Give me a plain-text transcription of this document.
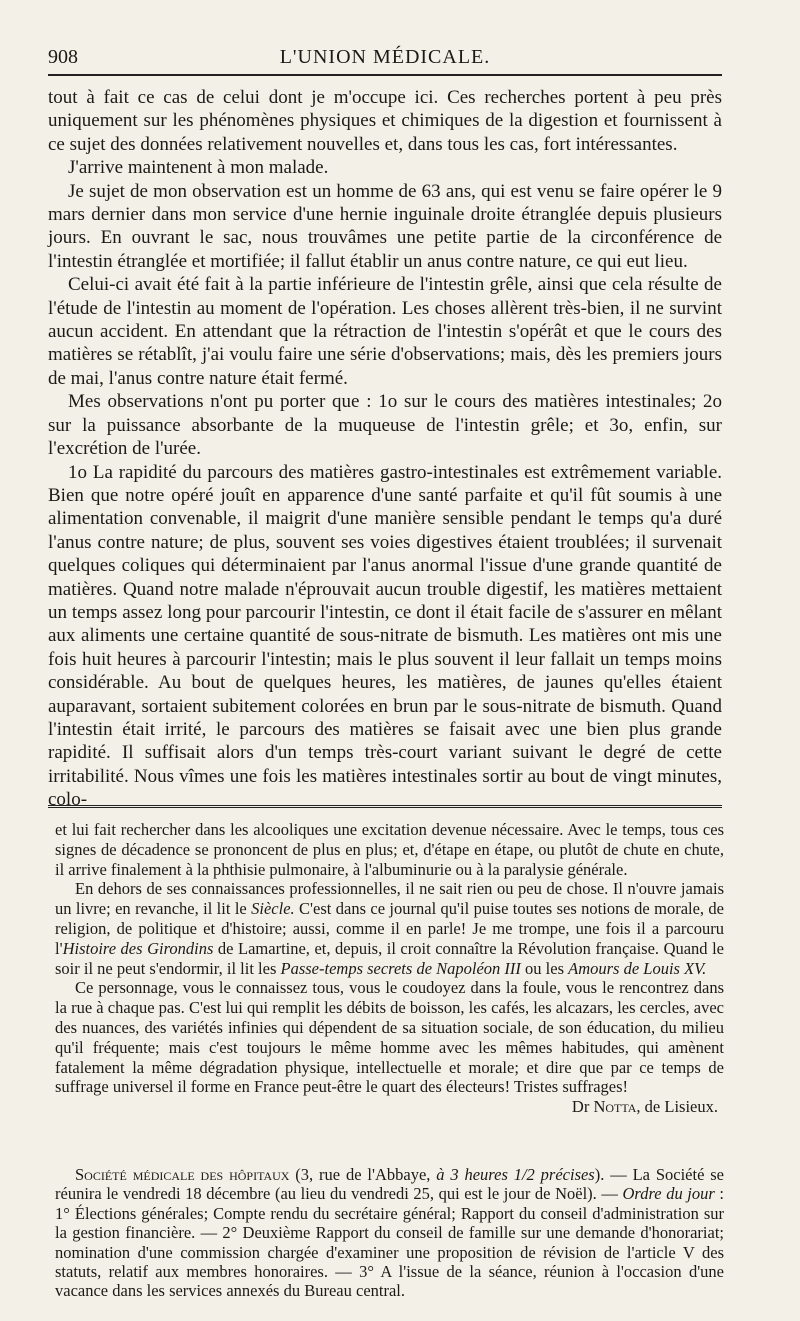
908	L'UNION MÉDICALE.

tout à fait ce cas de celui dont je m'occupe ici. Ces recherches portent à peu près uniquement sur les phénomènes physiques et chimiques de la digestion et fournissent à ce sujet des données relativement nouvelles et, dans tous les cas, fort intéressantes.

J'arrive maintenent à mon malade.

Je sujet de mon observation est un homme de 63 ans, qui est venu se faire opérer le 9 mars dernier dans mon service d'une hernie inguinale droite étranglée depuis plusieurs jours. En ouvrant le sac, nous trouvâmes une petite partie de la circonférence de l'intestin étranglée et mortifiée; il fallut établir un anus contre nature, ce qui eut lieu.

Celui-ci avait été fait à la partie inférieure de l'intestin grêle, ainsi que cela résulte de l'étude de l'intestin au moment de l'opération. Les choses allèrent très-bien, il ne survint aucun accident. En attendant que la rétraction de l'intestin s'opérât et que le cours des matières se rétablît, j'ai voulu faire une série d'observations; mais, dès les premiers jours de mai, l'anus contre nature était fermé.

Mes observations n'ont pu porter que : 1o sur le cours des matières intestinales; 2o sur la puissance absorbante de la muqueuse de l'intestin grêle; et 3o, enfin, sur l'excrétion de l'urée.

1o La rapidité du parcours des matières gastro-intestinales est extrêmement variable. Bien que notre opéré jouît en apparence d'une santé parfaite et qu'il fût soumis à une alimentation convenable, il maigrit d'une manière sensible pendant le temps qu'a duré l'anus contre nature; de plus, souvent ses voies digestives étaient troublées; il survenait quelques coliques qui déterminaient par l'anus anormal l'issue d'une grande quantité de matières. Quand notre malade n'éprouvait aucun trouble digestif, les matières mettaient un temps assez long pour parcourir l'intestin, ce dont il était facile de s'assurer en mêlant aux aliments une certaine quantité de sous-nitrate de bismuth. Les matières ont mis une fois huit heures à parcourir l'intestin; mais le plus souvent il leur fallait un temps moins considérable. Au bout de quelques heures, les matières, de jaunes qu'elles étaient auparavant, sortaient subitement colorées en brun par le sous-nitrate de bismuth. Quand l'intestin était irrité, le parcours des matières se faisait avec une bien plus grande rapidité. Il suffisait alors d'un temps très-court variant suivant le degré de cette irritabilité. Nous vîmes une fois les matières intestinales sortir au bout de vingt minutes, colo-

et lui fait rechercher dans les alcooliques une excitation devenue nécessaire. Avec le temps, tous ces signes de décadence se prononcent de plus en plus; et, d'étape en étape, ou plutôt de chute en chute, il arrive finalement à la phthisie pulmonaire, à l'albuminurie ou à la paralysie générale.

En dehors de ses connaissances professionnelles, il ne sait rien ou peu de chose. Il n'ouvre jamais un livre; en revanche, il lit le Siècle. C'est dans ce journal qu'il puise toutes ses notions de morale, de religion, de politique et d'histoire; aussi, comme il en parle! Je me trompe, une fois il a parcouru l'Histoire des Girondins de Lamartine, et, depuis, il croit connaître la Révolution française. Quand le soir il ne peut s'endormir, il lit les Passe-temps secrets de Napoléon III ou les Amours de Louis XV.

Ce personnage, vous le connaissez tous, vous le coudoyez dans la foule, vous le rencontrez dans la rue à chaque pas. C'est lui qui remplit les débits de boisson, les cafés, les alcazars, les cercles, avec des nuances, des variétés infinies qui dépendent de sa situation sociale, de son éducation, du milieu qu'il fréquente; mais c'est toujours le même homme avec les mêmes habitudes, qui amènent fatalement la même dégradation physique, intellectuelle et morale; et dire que par ce temps de suffrage universel il forme en France peut-être le quart des électeurs! Tristes suffrages!

Dr Notta, de Lisieux.

Société médicale des hôpitaux (3, rue de l'Abbaye, à 3 heures 1/2 précises). — La Société se réunira le vendredi 18 décembre (au lieu du vendredi 25, qui est le jour de Noël). — Ordre du jour : 1° Élections générales; Compte rendu du secrétaire général; Rapport du conseil d'administration sur la gestion financière. — 2° Deuxième Rapport du conseil de famille sur une demande d'honorariat; nomination d'une commission chargée d'examiner une proposition de révision de l'article V des statuts, relatif aux membres honoraires. — 3° A l'issue de la séance, réunion à l'occasion d'une vacance dans les services annexés du Bureau central.
